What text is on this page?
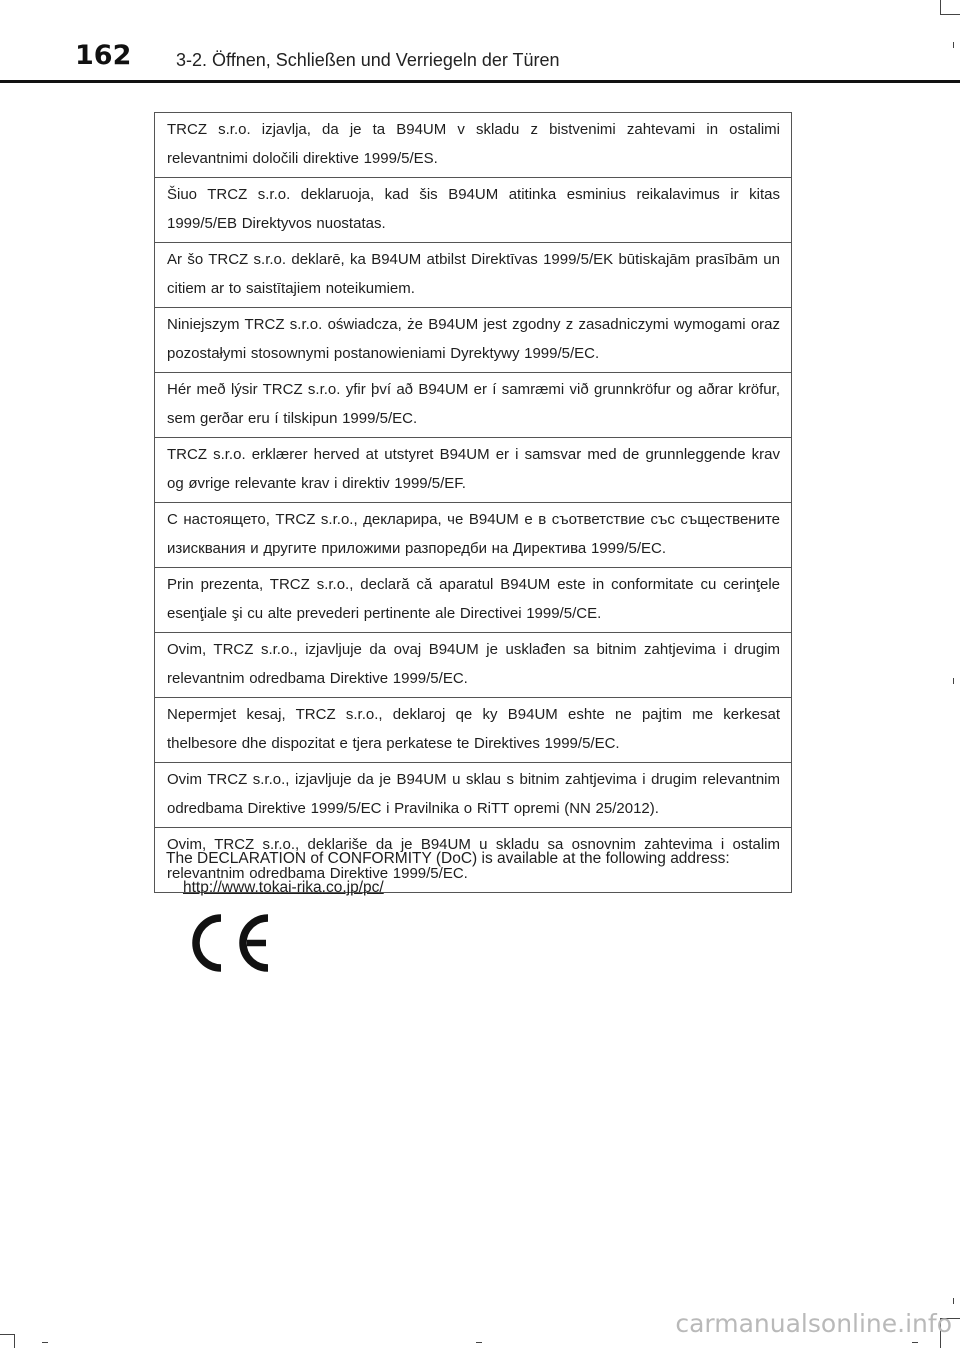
162 3-2. Öffnen, Schließen und Verriegeln der Türen
TRCZ s.r.o. izjavlja, da je ta B94UM v skladu z bistvenimi zahtevami in ostalimi relevantnimi določili direktive 1999/5/ES.
Šiuo TRCZ s.r.o. deklaruoja, kad šis B94UM atitinka esminius reikalavimus ir kitas 1999/5/EB Direktyvos nuostatas.
Ar šo TRCZ s.r.o. deklarē, ka B94UM atbilst Direktīvas 1999/5/EK būtiskajām prasībām un citiem ar to saistītajiem noteikumiem.
Niniejszym TRCZ s.r.o. oświadcza, że B94UM jest zgodny z zasadniczymi wymogami oraz pozostałymi stosownymi postanowieniami Dyrektywy 1999/5/EC.
Hér með lýsir TRCZ s.r.o. yfir því að B94UM er í samræmi við grunnkröfur og aðrar kröfur, sem gerðar eru í tilskipun 1999/5/EC.
TRCZ s.r.o. erklærer herved at utstyret B94UM er i samsvar med de grunnleggende krav og øvrige relevante krav i direktiv 1999/5/EF.
С настоящето, TRCZ s.r.o., декларира, че B94UM е в съответствие със съществените изисквания и другите приложими разпоредби на Директива 1999/5/ЕС.
Prin prezenta, TRCZ s.r.o., declară că aparatul B94UM este in conformitate cu cerinţele esenţiale şi cu alte prevederi pertinente ale Directivei 1999/5/CE.
Ovim, TRCZ s.r.o., izjavljuje da ovaj B94UM je usklađen sa bitnim zahtjevima i drugim relevantnim odredbama Direktive 1999/5/EC.
Nepermjet kesaj, TRCZ s.r.o., deklaroj qe ky B94UM eshte ne pajtim me kerkesat thelbesore dhe dispozitat e tjera perkatese te Direktives 1999/5/EC.
Ovim TRCZ s.r.o., izjavljuje da je B94UM u sklau s bitnim zahtjevima i drugim relevantnim odredbama Direktive 1999/5/EC i Pravilnika o RiTT opremi (NN 25/2012).
Ovim, TRCZ s.r.o., deklariše da je B94UM u skladu sa osnovnim zahtevima i ostalim relevantnim odredbama Direktive 1999/5/EC.
The DECLARATION of CONFORMITY (DoC) is available at the following address:
http://www.tokai-rika.co.jp/pc/
carmanualsonline.info
